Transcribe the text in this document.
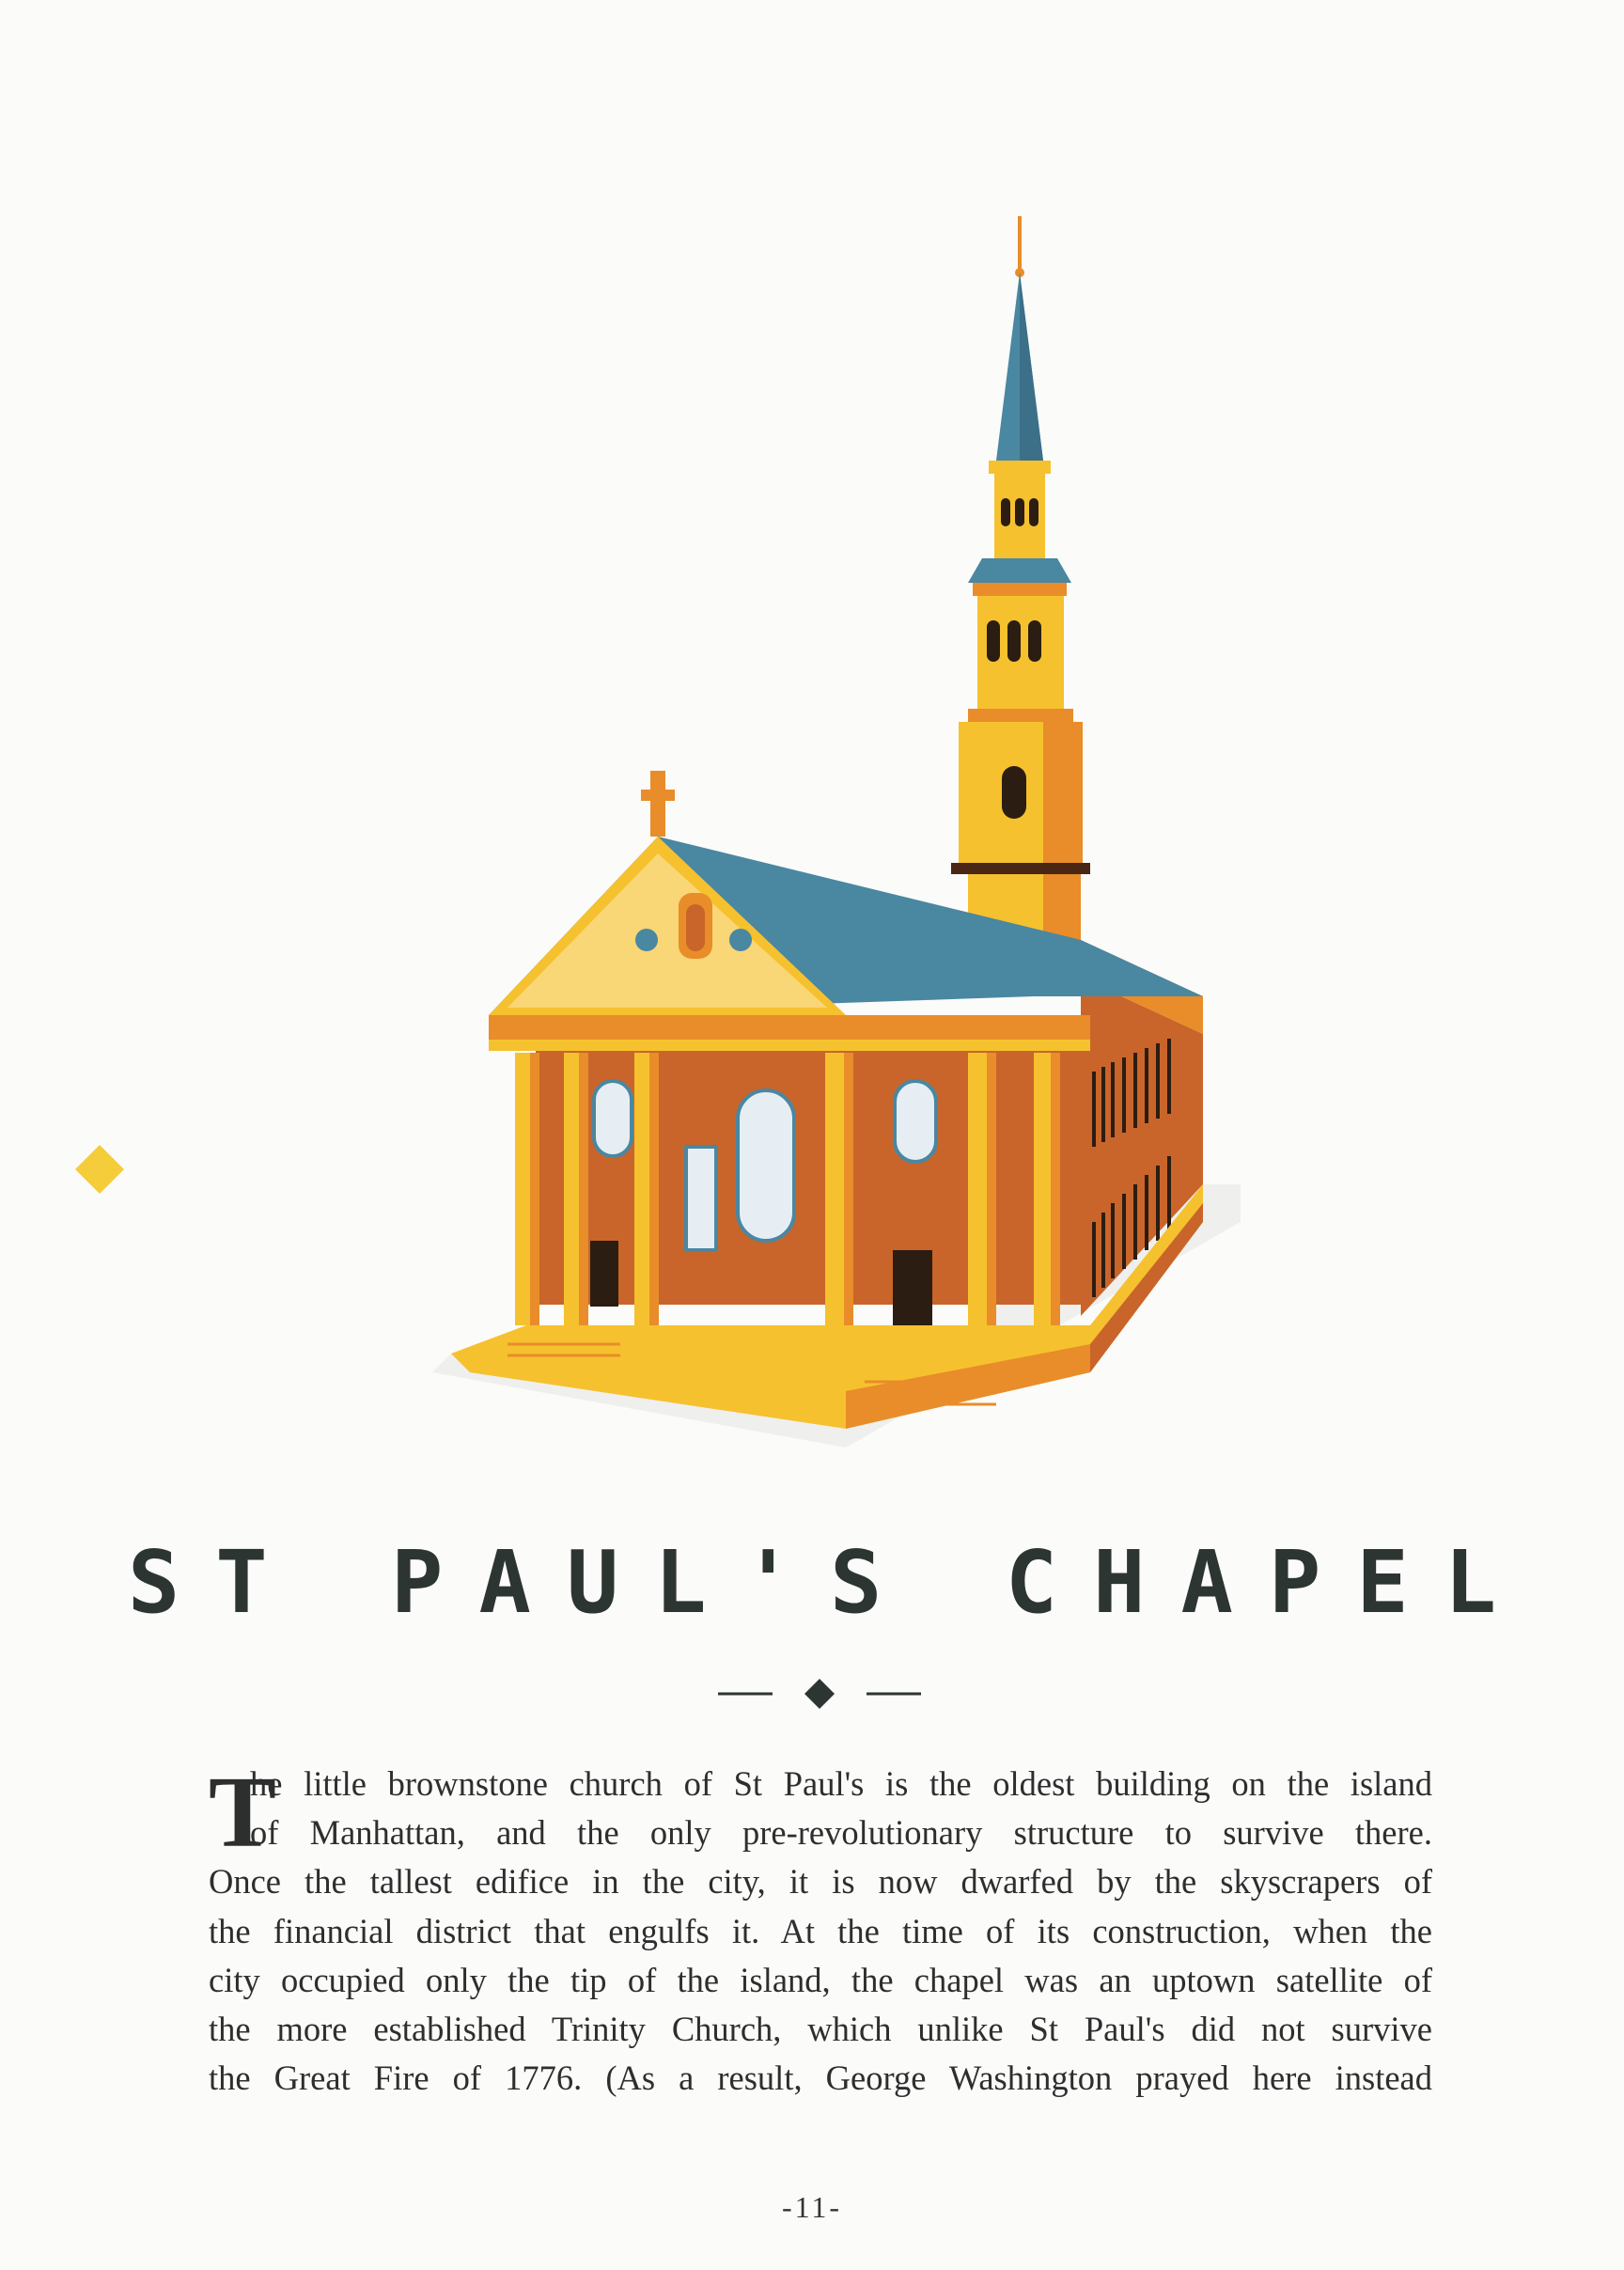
ST PAUL'S CHAPEL
T
he little brownstone church of St Paul's is the oldest building on the island
of Manhattan, and the only pre-revolutionary structure to survive there.
Once the tallest edifice in the city, it is now dwarfed by the skyscrapers of
the financial district that engulfs it. At the time of its construction, when the
city occupied only the tip of the island, the chapel was an uptown satellite of
the more established Trinity Church, which unlike St Paul's did not survive
the Great Fire of 1776. (As a result, George Washington prayed here instead
-11-
